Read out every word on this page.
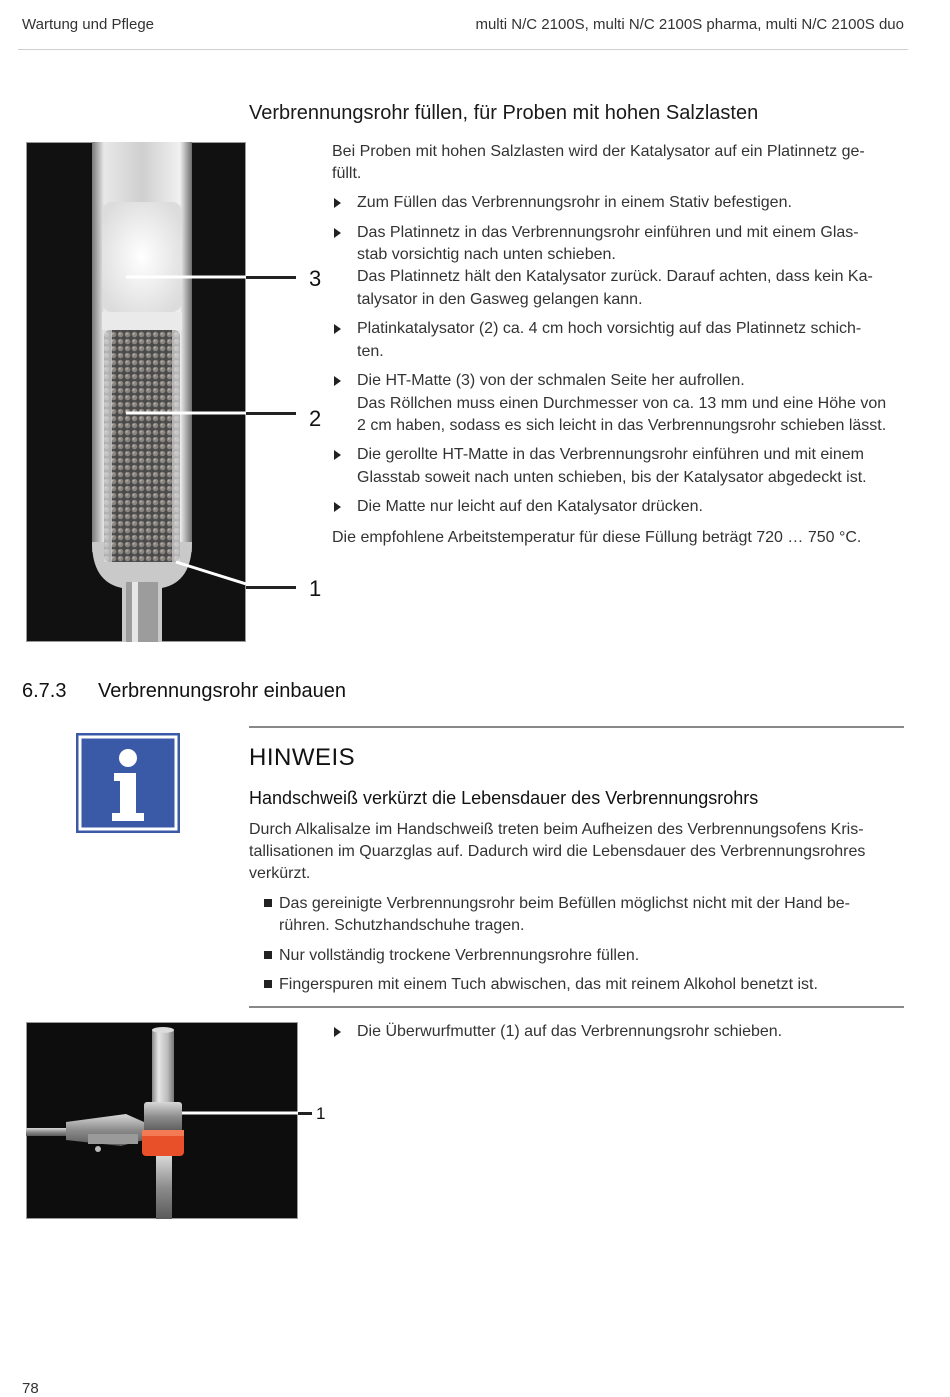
Wartung und Pflege	multi N/C 2100S, multi N/C 2100S pharma, multi N/C 2100S duo
Verbrennungsrohr füllen, für Proben mit hohen Salzlasten
3
2
1
Bei Proben mit hohen Salzlasten wird der Katalysator auf ein Platinnetz ge-
füllt.
Zum Füllen das Verbrennungsrohr in einem Stativ befestigen.
Das Platinnetz in das Verbrennungsrohr einführen und mit einem Glas-
stab vorsichtig nach unten schieben.
Das Platinnetz hält den Katalysator zurück. Darauf achten, dass kein Ka-
talysator in den Gasweg gelangen kann.
Platinkatalysator (2) ca. 4 cm hoch vorsichtig auf das Platinnetz schich-
ten.
Die HT-Matte (3) von der schmalen Seite her aufrollen.
Das Röllchen muss einen Durchmesser von ca. 13 mm und eine Höhe von
2 cm haben, sodass es sich leicht in das Verbrennungsrohr schieben lässt.
Die gerollte HT-Matte in das Verbrennungsrohr einführen und mit einem
Glasstab soweit nach unten schieben, bis der Katalysator abgedeckt ist.
Die Matte nur leicht auf den Katalysator drücken.
Die empfohlene Arbeitstemperatur für diese Füllung beträgt 720 … 750 °C.
6.7.3 Verbrennungsrohr einbauen
HINWEIS
Handschweiß verkürzt die Lebensdauer des Verbrennungsrohrs
Durch Alkalisalze im Handschweiß treten beim Aufheizen des Verbrennungsofens Kris-
tallisationen im Quarzglas auf. Dadurch wird die Lebensdauer des Verbrennungsrohres
verkürzt.
Das gereinigte Verbrennungsrohr beim Befüllen möglichst nicht mit der Hand be-
rühren. Schutzhandschuhe tragen.
Nur vollständig trockene Verbrennungsrohre füllen.
Fingerspuren mit einem Tuch abwischen, das mit reinem Alkohol benetzt ist.
1
Die Überwurfmutter (1) auf das Verbrennungsrohr schieben.
78
